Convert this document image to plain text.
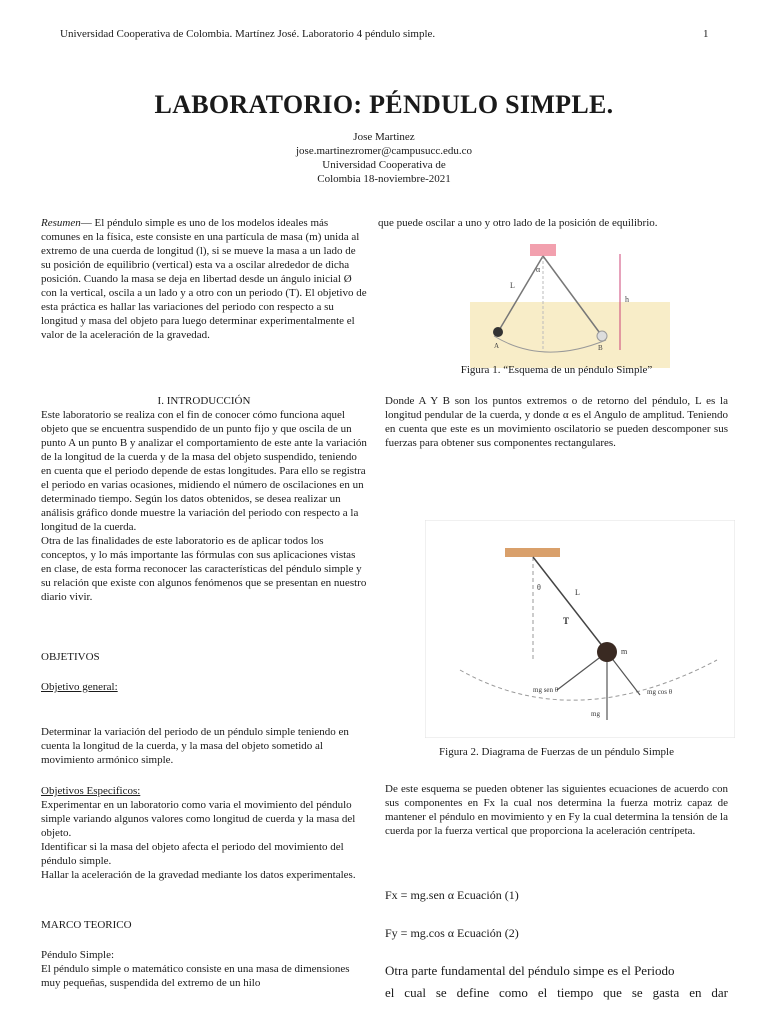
Universidad Cooperativa de Colombia. Martínez José. Laboratorio 4 péndulo simple.	1
LABORATORIO: PÉNDULO SIMPLE.
Jose Martinez
jose.martinezromer@campusucc.edu.co
Universidad Cooperativa de
Colombia 18-noviembre-2021

Resumen— El péndulo simple es uno de los modelos ideales más comunes en la física, este consiste en una partícula de masa (m) unida al extremo de una cuerda de longitud (l), si se mueve la masa a un lado de su posición de equilibrio (vertical) esta va a oscilar alrededor de dicha posición. Cuando la masa se deja en libertad desde un ángulo inicial Ø con la vertical, oscila a un lado y a otro con un periodo (T). El objetivo de esta práctica es hallar las variaciones del periodo con respecto a su longitud y masa del objeto para luego determinar experimentalmente el valor de la aceleración de la gravedad.

I. INTRODUCCIÓN

Este laboratorio se realiza con el fin de conocer cómo funciona aquel objeto que se encuentra suspendido de un punto fijo y que oscila de un punto A un punto B y analizar el comportamiento de este ante la variación de la longitud de la cuerda y de la masa del objeto suspendido, teniendo en cuenta que el periodo depende de estas longitudes. Para ello se registra el periodo en varias ocasiones, midiendo el número de oscilaciones en un determinado tiempo. Según los datos obtenidos, se desea realizar un análisis gráfico donde muestre la variación del periodo con respecto a la longitud de la cuerda.

Otra de las finalidades de este laboratorio es de aplicar todos los conceptos, y lo más importante las fórmulas con sus aplicaciones vistas en clase, de esta forma reconocer las características del péndulo simple y su relación que existe con algunos fenómenos que se presentan en nuestro diario vivir.

OBJETIVOS
Objetivo general:
Determinar la variación del periodo de un péndulo simple teniendo en cuenta la longitud de la cuerda, y la masa del objeto sometido al movimiento armónico simple.
Objetivos Especificos:

Experimentar en un laboratorio como varia el movimiento del péndulo simple variando algunos valores como longitud de cuerda y la masa del objeto.

Identificar si la masa del objeto afecta el periodo del movimiento del péndulo simple.

Hallar la aceleración de la gravedad mediante los datos experimentales.

MARCO TEORICO
Péndulo Simple:
El péndulo simple o matemático consiste en una masa de dimensiones muy pequeñas, suspendida del extremo de un hilo
que puede oscilar a uno y otro lado de la posición de equilibrio.
L
h
α
A	B
Figura 1. “Esquema de un péndulo Simple”
Donde A Y B son los puntos extremos o de retorno del péndulo, L es la longitud pendular de la cuerda, y donde α es el Angulo de amplitud. Teniendo en cuenta que este es un movimiento oscilatorio se pueden descomponer sus fuerzas para obtener sus componentes rectangulares.
L
T
θ
m
mg
mg sen θ	mg cos θ
Figura 2. Diagrama de Fuerzas de un péndulo Simple
De este esquema se pueden obtener las siguientes ecuaciones de acuerdo con sus componentes en Fx la cual nos determina la fuerza motriz capaz de mantener el péndulo en movimiento y en Fy la cual determina la tensión de la cuerda por la fuerza vertical que proporciona la aceleración centrípeta.
Fx = mg.sen α Ecuación (1)
Fy = mg.cos α Ecuación (2)
Otra parte fundamental del péndulo simpe es el Periodo
el cual se define como el tiempo que se gasta en dar
